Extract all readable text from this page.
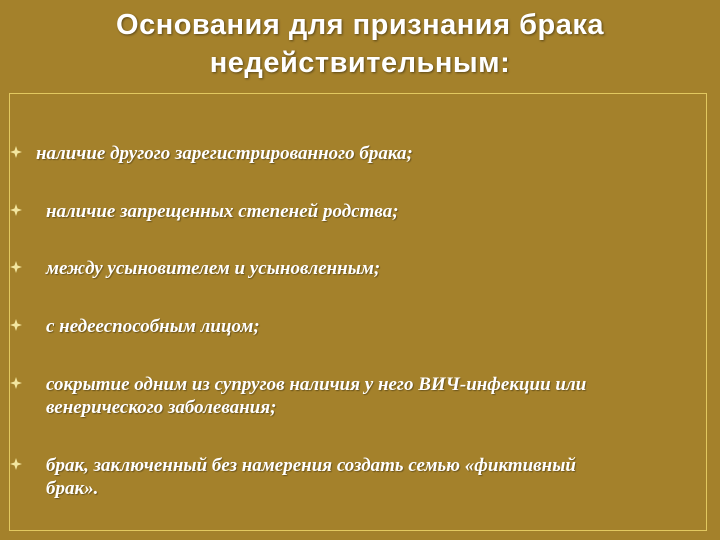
Основания для признания брака
недействительным:
наличие другого зарегистрированного брака;
наличие запрещенных степеней родства;
между усыновителем и усыновленным;
с недееспособным лицом;
сокрытие одним из супругов наличия у него ВИЧ-инфекции или венерического заболевания;
брак, заключенный без намерения создать семью «фиктивный брак».
